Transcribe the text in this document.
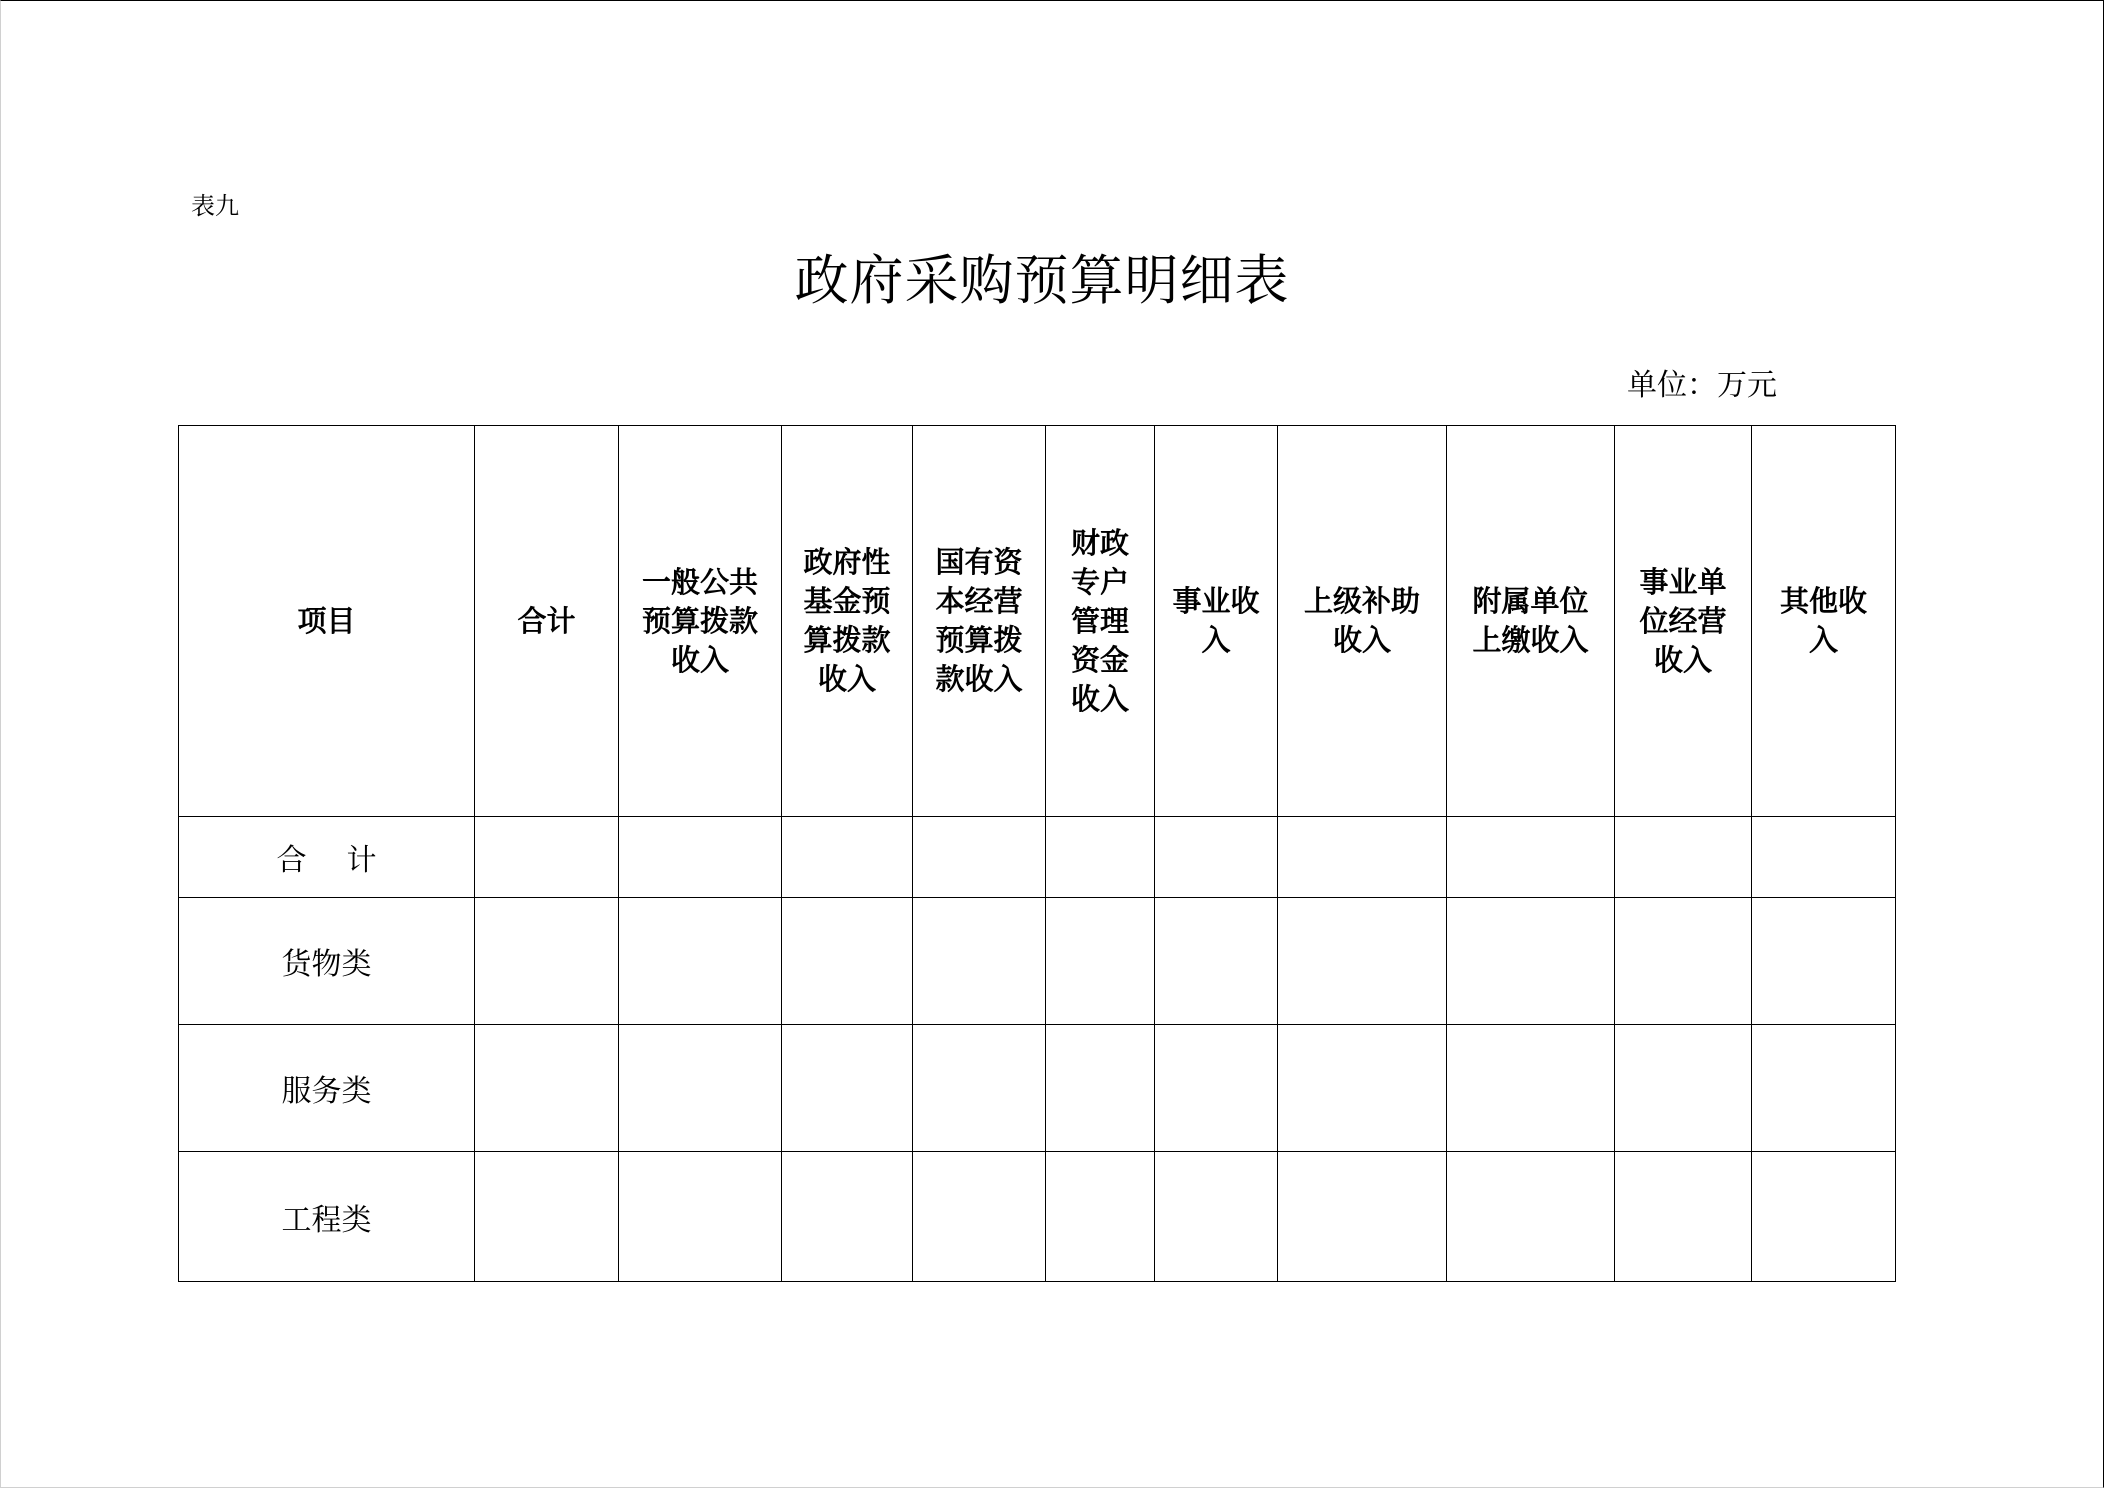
表九
政府采购预算明细表
单位：万元
项目	合计	一般公共预算拨款收入	政府性基金预算拨款收入	国有资本经营预算拨款收入	财政专户管理资金收入	事业收入	上级补助收入	附属单位上缴收入	事业单位经营收入	其他收入

合计										
货物类										
服务类										
工程类										
